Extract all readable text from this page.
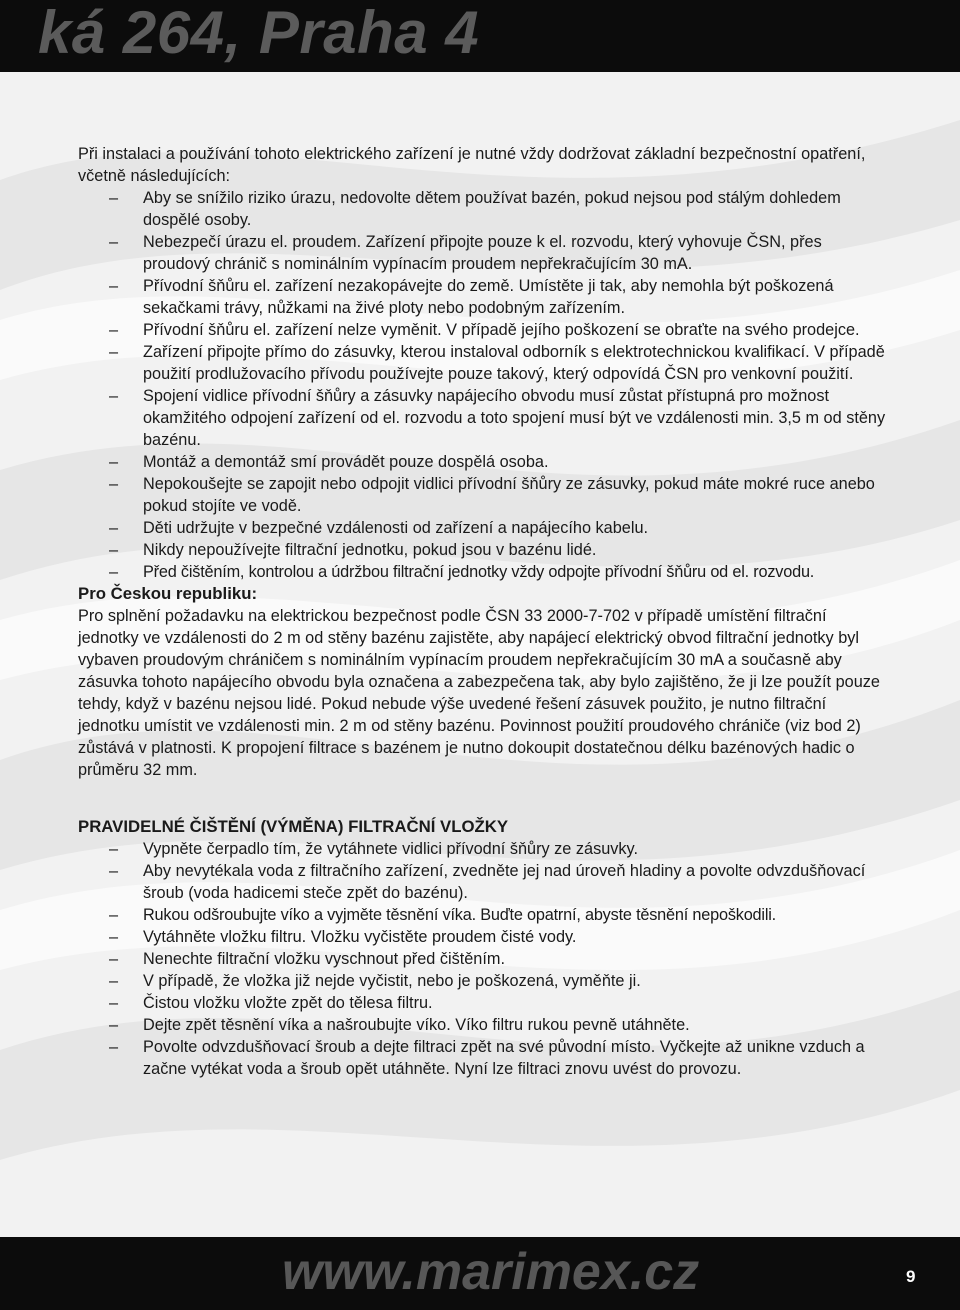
ká 264, Praha 4

Při instalaci a používání tohoto elektrického zařízení je nutné vždy dodržovat základní bezpečnostní opatření, včetně následujících:

– Aby se snížilo riziko úrazu, nedovolte dětem používat bazén, pokud nejsou pod stálým dohledem dospělé osoby.
– Nebezpečí úrazu el. proudem. Zařízení připojte pouze k el. rozvodu, který vyhovuje ČSN, přes proudový chránič s nominálním vypínacím proudem nepřekračujícím 30 mA.
– Přívodní šňůru el. zařízení nezakopávejte do země. Umístěte ji tak, aby nemohla být poškozená sekačkami trávy, nůžkami na živé ploty nebo podobným zařízením.
– Přívodní šňůru el. zařízení nelze vyměnit. V případě jejího poškození se obraťte na svého prodejce.
– Zařízení připojte přímo do zásuvky, kterou instaloval odborník s elektrotechnickou kvalifikací. V případě použití prodlužovacího přívodu používejte pouze takový, který odpovídá ČSN pro venkovní použití.
– Spojení vidlice přívodní šňůry a zásuvky napájecího obvodu musí zůstat přístupná pro možnost okamžitého odpojení zařízení od el. rozvodu a toto spojení musí být ve vzdálenosti min. 3,5 m od stěny bazénu.
– Montáž a demontáž smí provádět pouze dospělá osoba.
– Nepokoušejte se zapojit nebo odpojit vidlici přívodní šňůry ze zásuvky, pokud máte mokré ruce anebo pokud stojíte ve vodě.
– Děti udržujte v bezpečné vzdálenosti od zařízení a napájecího kabelu.
– Nikdy nepoužívejte filtrační jednotku, pokud jsou v bazénu lidé.
– Před čištěním, kontrolou a údržbou filtrační jednotky vždy odpojte přívodní šňůru od el. rozvodu.

Pro Českou republiku:

Pro splnění požadavku na elektrickou bezpečnost podle ČSN 33 2000-7-702 v případě umístění filtrační jednotky ve vzdálenosti do 2 m od stěny bazénu zajistěte, aby napájecí elektrický obvod filtrační jednotky byl vybaven proudovým chráničem s nominálním vypínacím proudem nepřekračujícím 30 mA a současně aby zásuvka tohoto napájecího obvodu byla označena a zabezpečena tak, aby bylo zajištěno, že ji lze použít pouze tehdy, když v bazénu nejsou lidé. Pokud nebude výše uvedené řešení zásuvek použito, je nutno filtrační jednotku umístit ve vzdálenosti min. 2 m od stěny bazénu. Povinnost použití proudového chrániče (viz bod 2) zůstává v platnosti. K propojení filtrace s bazénem je nutno dokoupit dostatečnou délku bazénových hadic o průměru 32 mm.

PRAVIDELNÉ ČIŠTĚNÍ (VÝMĚNA) FILTRAČNÍ VLOŽKY

– Vypněte čerpadlo tím, že vytáhnete vidlici přívodní šňůry ze zásuvky.
– Aby nevytékala voda z filtračního zařízení, zvedněte jej nad úroveň hladiny a povolte odvzdušňovací šroub (voda hadicemi steče zpět do bazénu).
– Rukou odšroubujte víko a vyjměte těsnění víka. Buďte opatrní, abyste těsnění nepoškodili.
– Vytáhněte vložku filtru. Vložku vyčistěte proudem čisté vody.
– Nenechte filtrační vložku vyschnout před čištěním.
– V případě, že vložka již nejde vyčistit, nebo je poškozená, vyměňte ji.
– Čistou vložku vložte zpět do tělesa filtru.
– Dejte zpět těsnění víka a našroubujte víko. Víko filtru rukou pevně utáhněte.
– Povolte odvzdušňovací šroub a dejte filtraci zpět na své původní místo. Vyčkejte až unikne vzduch a začne vytékat voda a šroub opět utáhněte. Nyní lze filtraci znovu uvést do provozu.
www.marimex.cz	9
